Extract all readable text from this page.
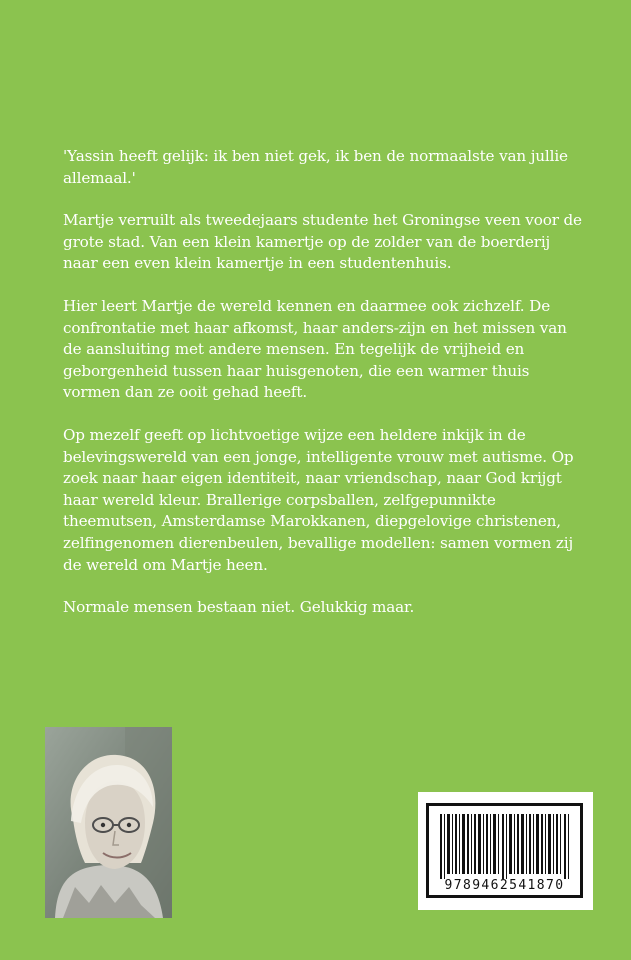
'Yassin heeft gelijk: ik ben niet gek, ik ben de normaalste van jullie allemaal.'

Martje verruilt als tweedejaars studente het Groningse veen voor de grote stad. Van een klein kamertje op de zolder van de boerderij naar een even klein kamertje in een studentenhuis.

Hier leert Martje de wereld kennen en daarmee ook zichzelf. De confrontatie met haar afkomst, haar anders-zijn en het missen van de aansluiting met andere mensen. En tegelijk de vrijheid en geborgenheid tussen haar huisgenoten, die een warmer thuis vormen dan ze ooit gehad heeft.

Op mezelf geeft op lichtvoetige wijze een heldere inkijk in de belevingswereld van een jonge, intelligente vrouw met autisme. Op zoek naar haar eigen identiteit, naar vriendschap, naar God krijgt haar wereld kleur. Brallerige corpsballen, zelfgepunnikte theemutsen, Amsterdamse Marokkanen, diepgelovige christenen, zelfingenomen dierenbeulen, bevallige modellen: samen vormen zij de wereld om Martje heen.

Normale mensen bestaan niet. Gelukkig maar.

9789462541870
